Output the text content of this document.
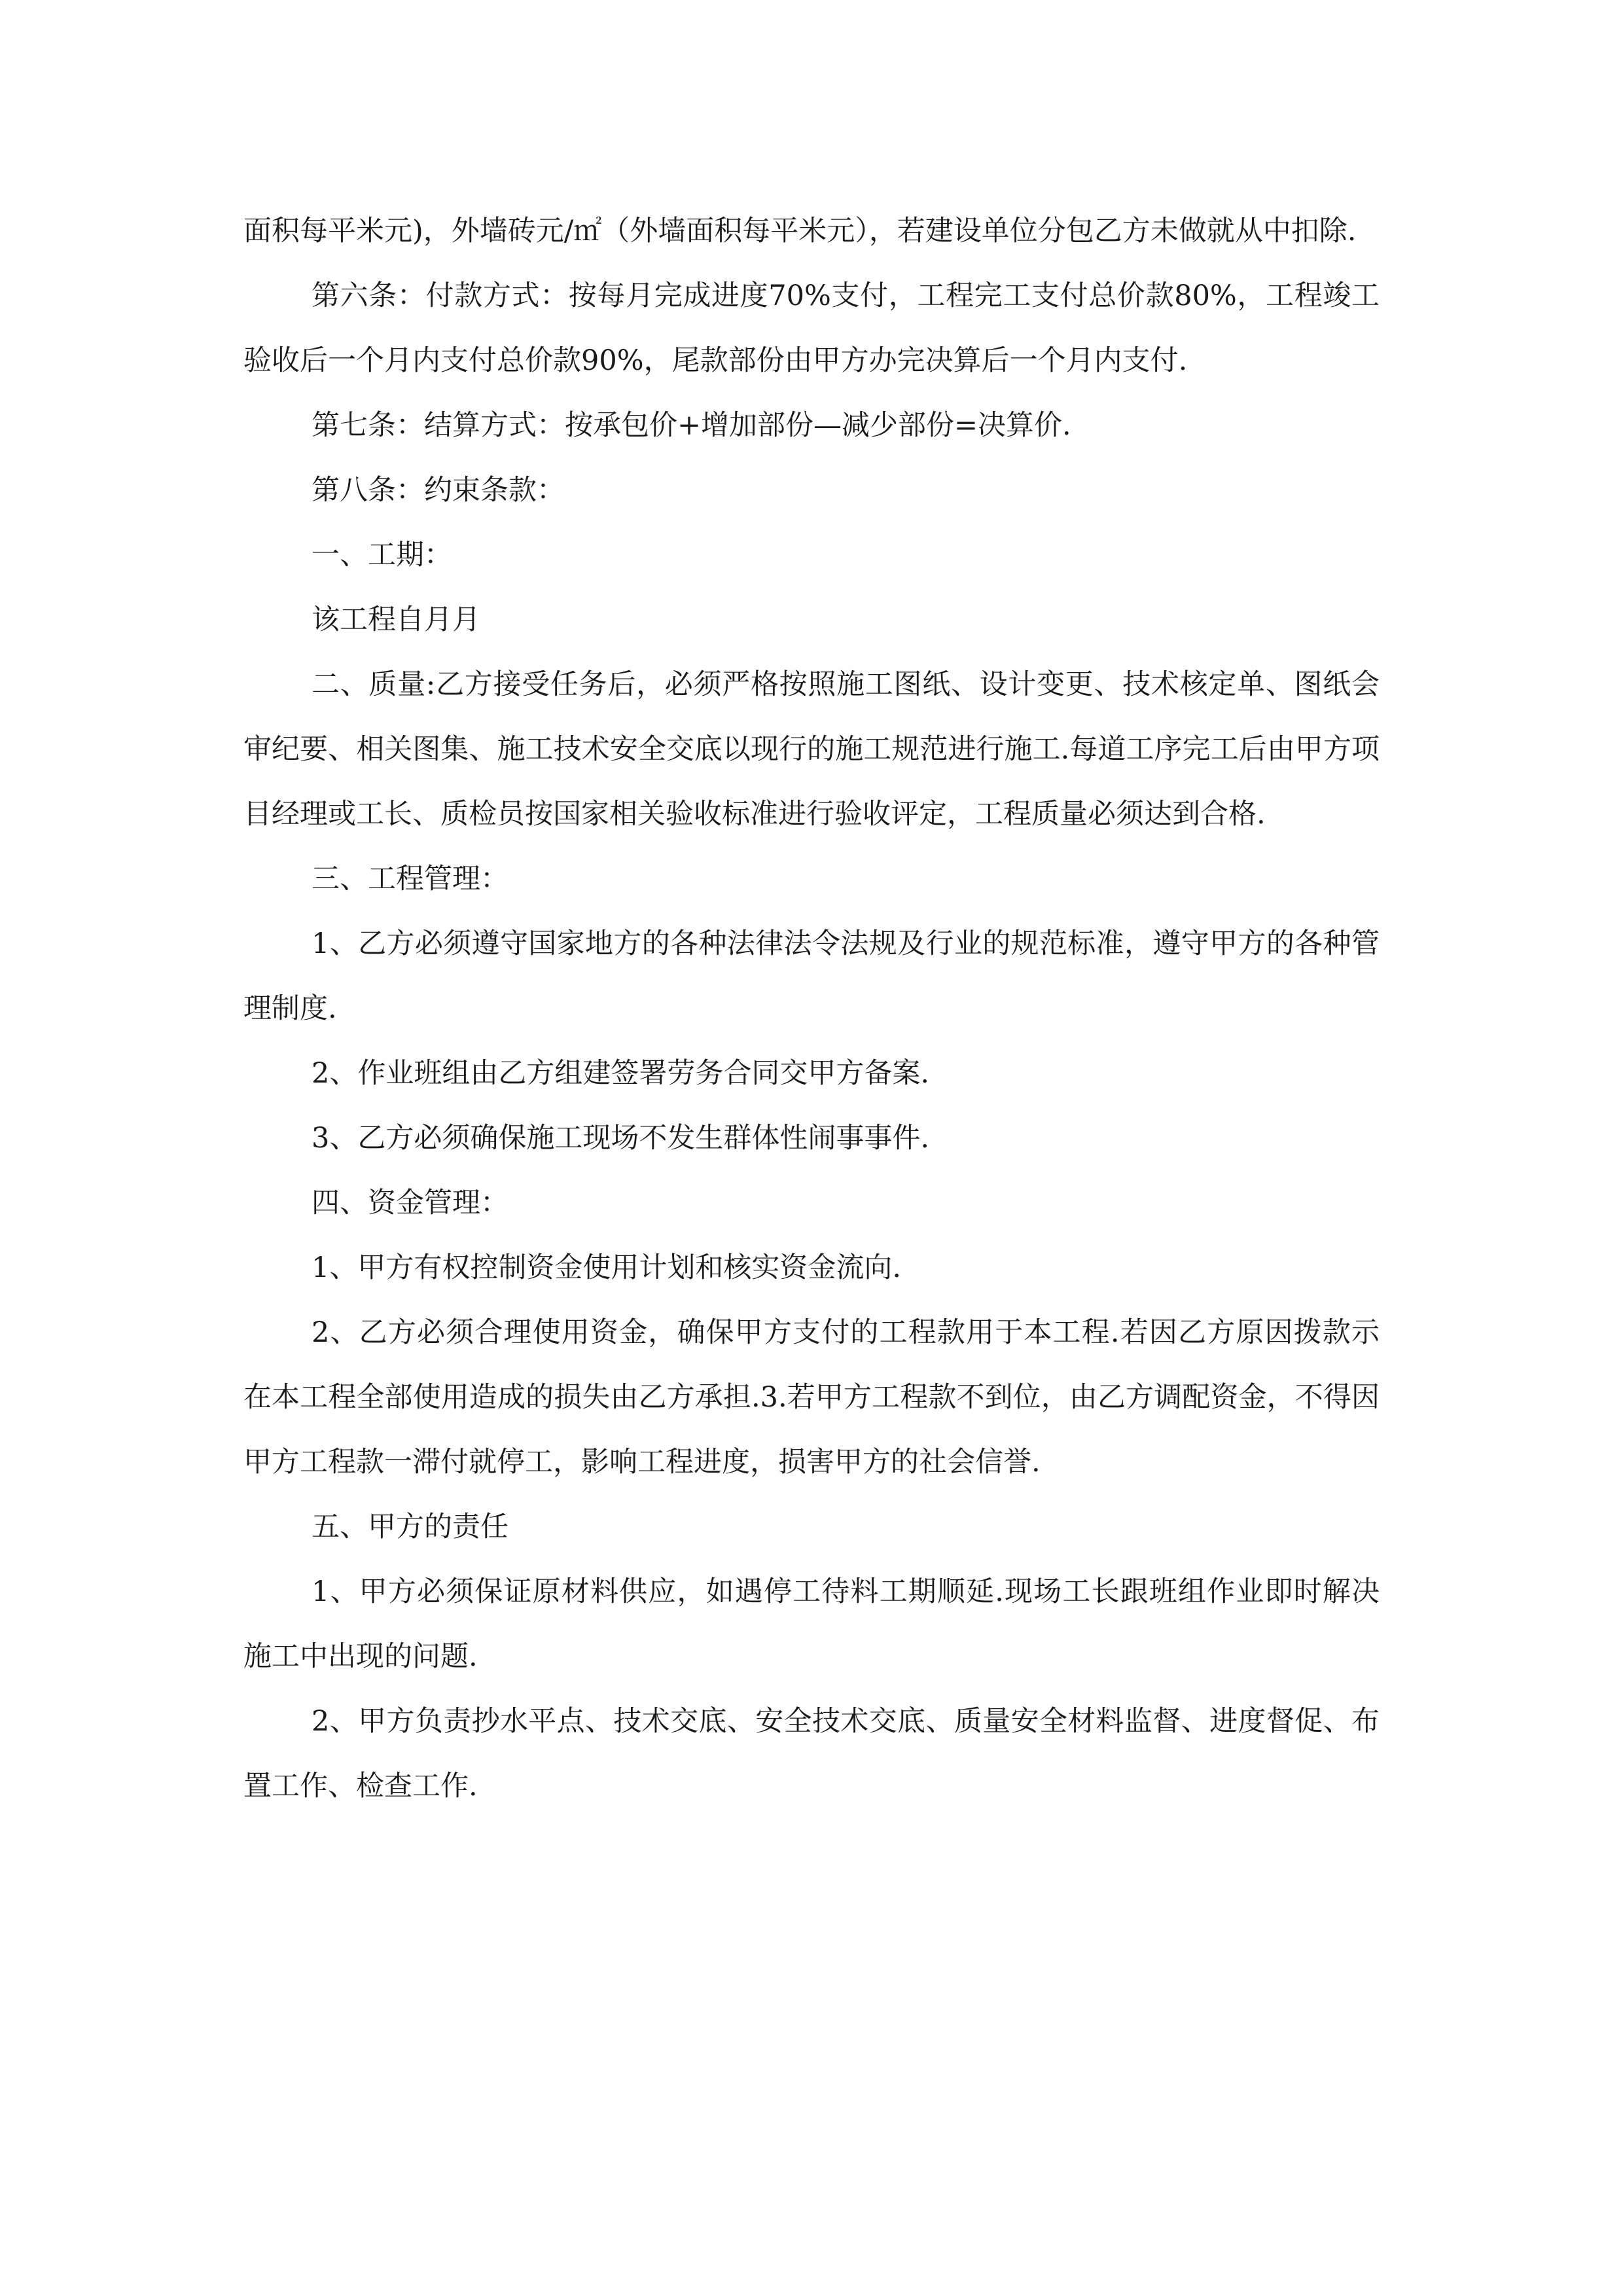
面积每平米元)，外墙砖元/㎡（外墙面积每平米元），若建设单位分包乙方未做就从中扣除.

第六条：付款方式：按每月完成进度70%支付，工程完工支付总价款80%，工程竣工验收后一个月内支付总价款90%，尾款部份由甲方办完决算后一个月内支付.

第七条：结算方式：按承包价+增加部份—减少部份=决算价.

第八条：约束条款：

一、工期：

该工程自月月

二、质量:乙方接受任务后，必须严格按照施工图纸、设计变更、技术核定单、图纸会审纪要、相关图集、施工技术安全交底以现行的施工规范进行施工.每道工序完工后由甲方项目经理或工长、质检员按国家相关验收标准进行验收评定，工程质量必须达到合格.

三、工程管理：

1、乙方必须遵守国家地方的各种法律法令法规及行业的规范标准，遵守甲方的各种管理制度.

2、作业班组由乙方组建签署劳务合同交甲方备案.

3、乙方必须确保施工现场不发生群体性闹事事件.

四、资金管理：

1、甲方有权控制资金使用计划和核实资金流向.

2、乙方必须合理使用资金，确保甲方支付的工程款用于本工程.若因乙方原因拨款示在本工程全部使用造成的损失由乙方承担.3.若甲方工程款不到位，由乙方调配资金，不得因甲方工程款一滞付就停工，影响工程进度，损害甲方的社会信誉.

五、甲方的责任

1、甲方必须保证原材料供应，如遇停工待料工期顺延.现场工长跟班组作业即时解决施工中出现的问题.

2、甲方负责抄水平点、技术交底、安全技术交底、质量安全材料监督、进度督促、布置工作、检查工作.
